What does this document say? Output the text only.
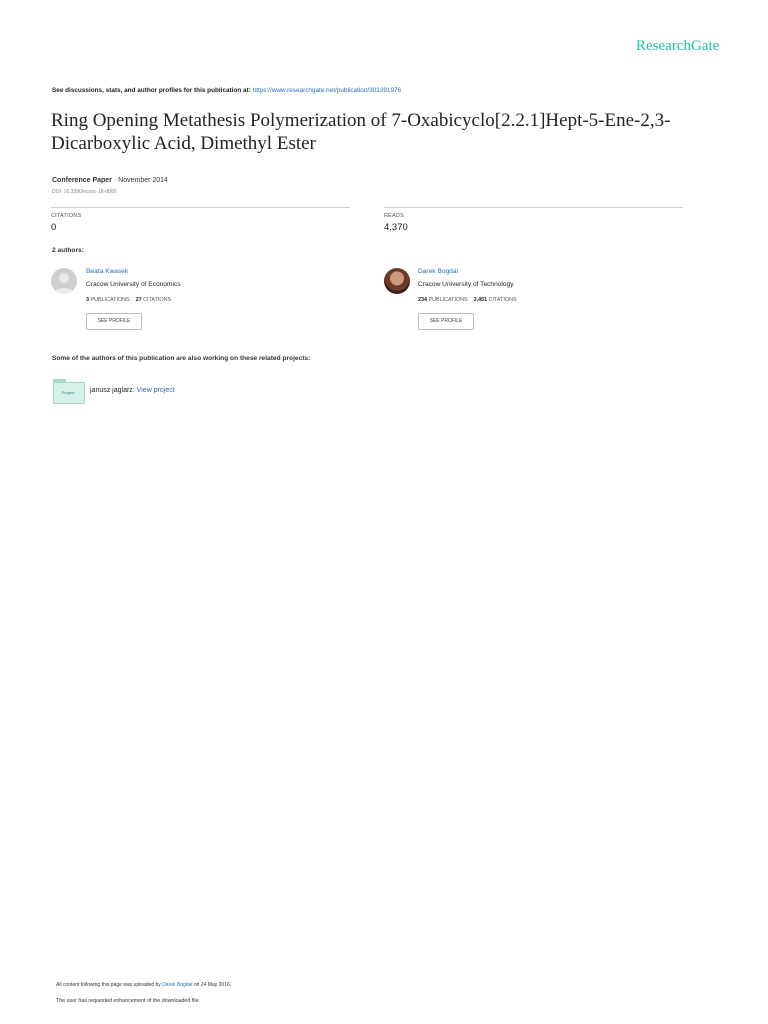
ResearchGate
See discussions, stats, and author profiles for this publication at: https://www.researchgate.net/publication/301391976
Ring Opening Metathesis Polymerization of 7-Oxabicyclo[2.2.1]Hept-5-Ene-2,3- Dicarboxylic Acid, Dimethyl Ester
Conference Paper · November 2014
DOI: 10.3390/ecsoc-18-d009
CITATIONS
0
READS
4,370
2 authors:
Beata Kwasek
Cracow University of Economics
3 PUBLICATIONS 27 CITATIONS
SEE PROFILE
Darek Bogdal
Cracow University of Technology
234 PUBLICATIONS 3,451 CITATIONS
SEE PROFILE
Some of the authors of this publication are also working on these related projects:
Project	janusz jaglarz: View project
All content following this page was uploaded by Darek Bogdal on 24 May 2016.
The user has requested enhancement of the downloaded file.
